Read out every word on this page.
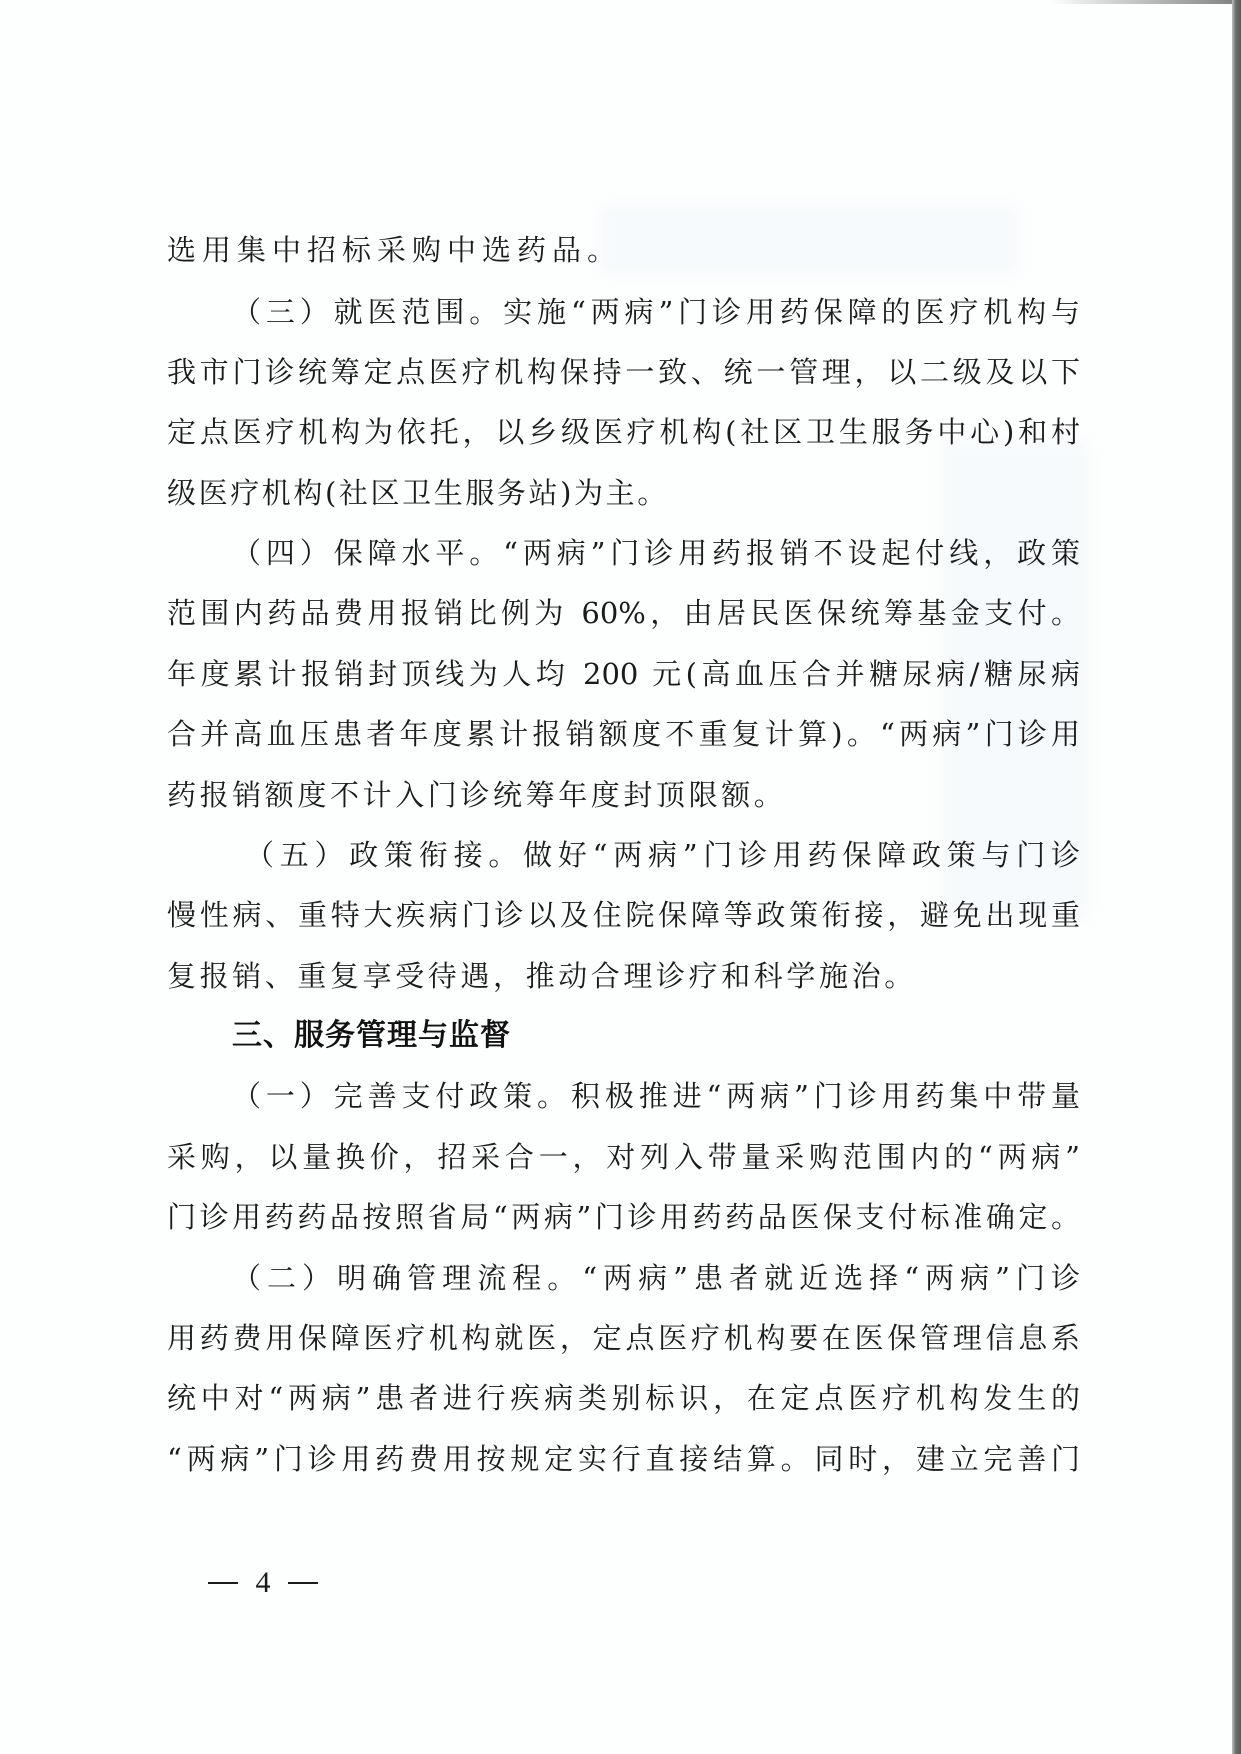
选用集中招标采购中选药品。
（三）就医范围。实施“两病”门诊用药保障的医疗机构与
我市门诊统筹定点医疗机构保持一致、统一管理，以二级及以下
定点医疗机构为依托，以乡级医疗机构(社区卫生服务中心)和村
级医疗机构(社区卫生服务站)为主。
（四）保障水平。“两病”门诊用药报销不设起付线，政策
范围内药品费用报销比例为 60%，由居民医保统筹基金支付。
年度累计报销封顶线为人均 200 元(高血压合并糖尿病/糖尿病
合并高血压患者年度累计报销额度不重复计算)。“两病”门诊用
药报销额度不计入门诊统筹年度封顶限额。
（五）政策衔接。做好“两病”门诊用药保障政策与门诊
慢性病、重特大疾病门诊以及住院保障等政策衔接，避免出现重
复报销、重复享受待遇，推动合理诊疗和科学施治。
三、服务管理与监督
（一）完善支付政策。积极推进“两病”门诊用药集中带量
采购，以量换价，招采合一，对列入带量采购范围内的“两病”
门诊用药药品按照省局“两病”门诊用药药品医保支付标准确定。
（二）明确管理流程。“两病”患者就近选择“两病”门诊
用药费用保障医疗机构就医，定点医疗机构要在医保管理信息系
统中对“两病”患者进行疾病类别标识，在定点医疗机构发生的
“两病”门诊用药费用按规定实行直接结算。同时，建立完善门
4
